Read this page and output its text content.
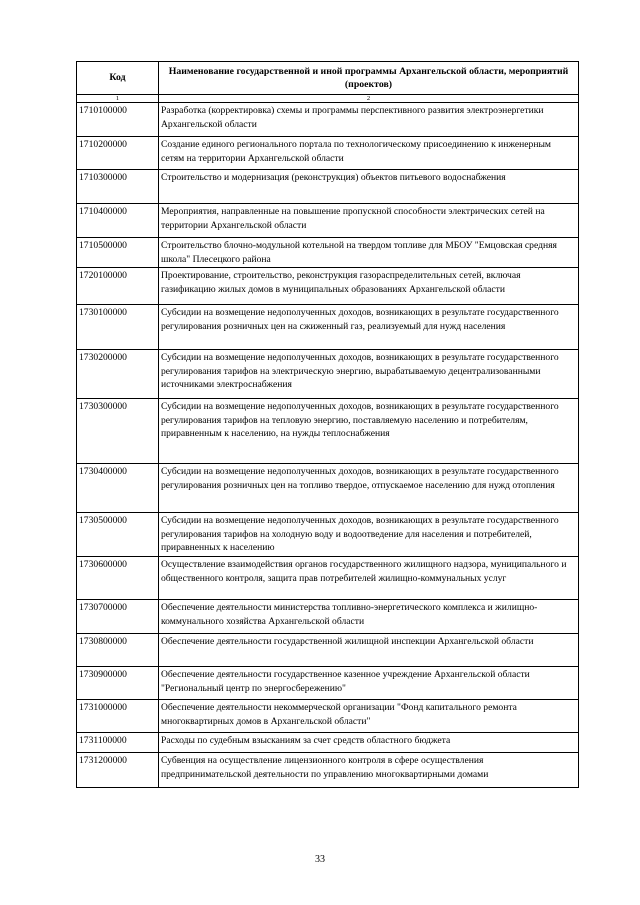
Код	Наименование государственной и иной программы Архангельской области, мероприятий (проектов)
1	2
1710100000	Разработка (корректировка) схемы и программы перспективного развития электроэнергетики Архангельской области
1710200000	Создание единого регионального портала по технологическому присоединению к инженерным сетям на территории Архангельской области
1710300000	Строительство и модернизация (реконструкция) объектов питьевого водоснабжения
1710400000	Мероприятия, направленные на повышение пропускной способности электрических сетей на территории Архангельской области
1710500000	Строительство блочно-модульной котельной на твердом топливе для МБОУ "Емцовская средняя школа" Плесецкого района
1720100000	Проектирование, строительство, реконструкция газораспределительных сетей, включая газификацию жилых домов в муниципальных образованиях Архангельской области
1730100000	Субсидии на возмещение недополученных доходов, возникающих в результате государственного регулирования розничных цен на сжиженный газ, реализуемый для нужд населения
1730200000	Субсидии на возмещение недополученных доходов, возникающих в результате государственного регулирования тарифов на электрическую энергию, вырабатываемую децентрализованными источниками электроснабжения
1730300000	Субсидии на возмещение недополученных доходов, возникающих в результате государственного регулирования тарифов на тепловую энергию, поставляемую населению и потребителям, приравненным к населению, на нужды теплоснабжения
1730400000	Субсидии на возмещение недополученных доходов, возникающих в результате государственного регулирования розничных цен на топливо твердое, отпускаемое населению для нужд отопления
1730500000	Субсидии на возмещение недополученных доходов, возникающих в результате государственного регулирования тарифов на холодную воду и водоотведение для населения и потребителей, приравненных к населению
1730600000	Осуществление взаимодействия органов государственного жилищного надзора, муниципального и общественного контроля, защита прав потребителей жилищно-коммунальных услуг
1730700000	Обеспечение деятельности министерства топливно-энергетического комплекса и жилищно-коммунального хозяйства Архангельской области
1730800000	Обеспечение деятельности государственной жилищной инспекции Архангельской области
1730900000	Обеспечение деятельности государственное казенное учреждение Архангельской области "Региональный центр по энергосбережению"
1731000000	Обеспечение деятельности некоммерческой организации "Фонд капитального ремонта многоквартирных домов в Архангельской области"
1731100000	Расходы по судебным взысканиям за счет средств областного бюджета
1731200000	Субвенция на осуществление лицензионного контроля в сфере осуществления предпринимательской деятельности по управлению многоквартирными домами
33
